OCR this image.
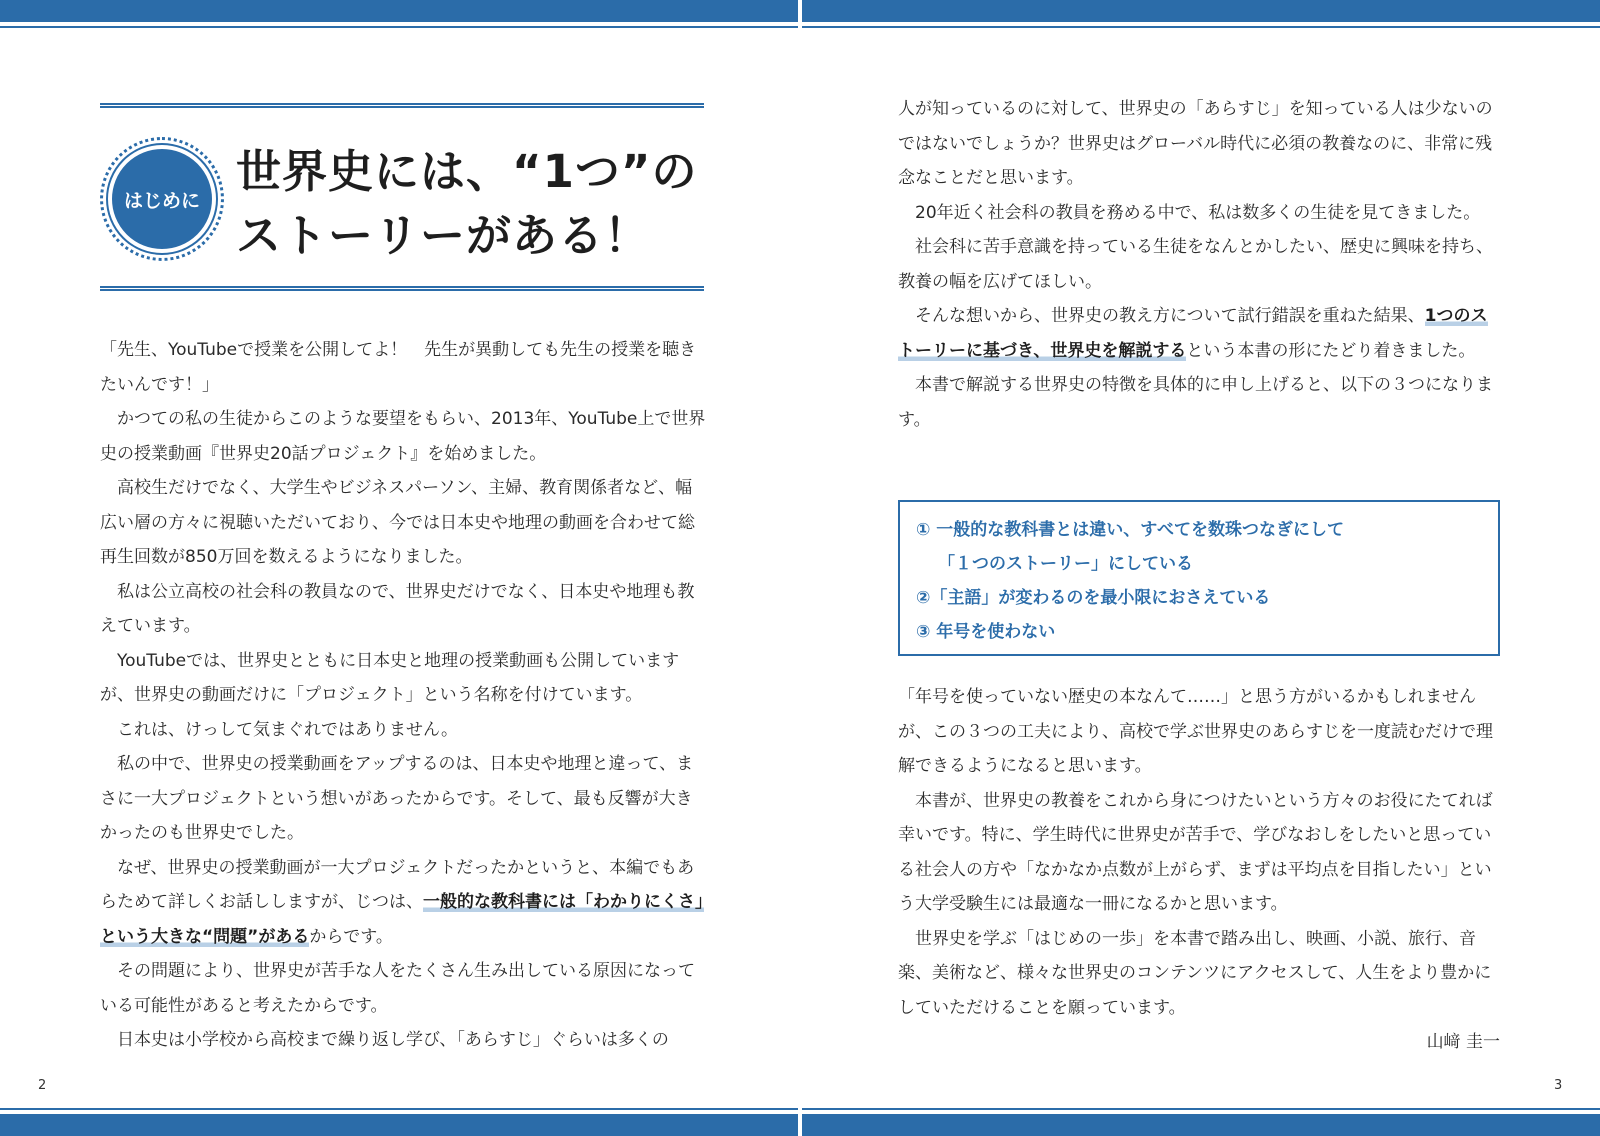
はじめに
世界史には、“1つ”の
ストーリーがある！

「先生、YouTubeで授業を公開してよ！　先生が異動しても先生の授業を聴きたいんです！」

かつての私の生徒からこのような要望をもらい、2013年、YouTube上で世界史の授業動画『世界史20話プロジェクト』を始めました。

高校生だけでなく、大学生やビジネスパーソン、主婦、教育関係者など、幅広い層の方々に視聴いただいており、今では日本史や地理の動画を合わせて総再生回数が850万回を数えるようになりました。

私は公立高校の社会科の教員なので、世界史だけでなく、日本史や地理も教えています。

YouTubeでは、世界史とともに日本史と地理の授業動画も公開していますが、世界史の動画だけに「プロジェクト」という名称を付けています。

これは、けっして気まぐれではありません。

私の中で、世界史の授業動画をアップするのは、日本史や地理と違って、まさに一大プロジェクトという想いがあったからです。そして、最も反響が大きかったのも世界史でした。

なぜ、世界史の授業動画が一大プロジェクトだったかというと、本編でもあらためて詳しくお話ししますが、じつは、一般的な教科書には「わかりにくさ」という大きな“問題”があるからです。

その問題により、世界史が苦手な人をたくさん生み出している原因になっている可能性があると考えたからです。

日本史は小学校から高校まで繰り返し学び、「あらすじ」ぐらいは多くの

人が知っているのに対して、世界史の「あらすじ」を知っている人は少ないのではないでしょうか？世界史はグローバル時代に必須の教養なのに、非常に残念なことだと思います。

20年近く社会科の教員を務める中で、私は数多くの生徒を見てきました。

社会科に苦手意識を持っている生徒をなんとかしたい、歴史に興味を持ち、教養の幅を広げてほしい。

そんな想いから、世界史の教え方について試行錯誤を重ねた結果、1つのストーリーに基づき、世界史を解説するという本書の形にたどり着きました。

本書で解説する世界史の特徴を具体的に申し上げると、以下の３つになります。

① 一般的な教科書とは違い、すべてを数珠つなぎにして
「１つのストーリー」にしている
②「主語」が変わるのを最小限におさえている
③ 年号を使わない

「年号を使っていない歴史の本なんて……」と思う方がいるかもしれませんが、この３つの工夫により、高校で学ぶ世界史のあらすじを一度読むだけで理解できるようになると思います。

本書が、世界史の教養をこれから身につけたいという方々のお役にたてれば幸いです。特に、学生時代に世界史が苦手で、学びなおしをしたいと思っている社会人の方や「なかなか点数が上がらず、まずは平均点を目指したい」という大学受験生には最適な一冊になるかと思います。

世界史を学ぶ「はじめの一歩」を本書で踏み出し、映画、小説、旅行、音楽、美術など、様々な世界史のコンテンツにアクセスして、人生をより豊かにしていただけることを願っています。

山﨑 圭一

2	3
